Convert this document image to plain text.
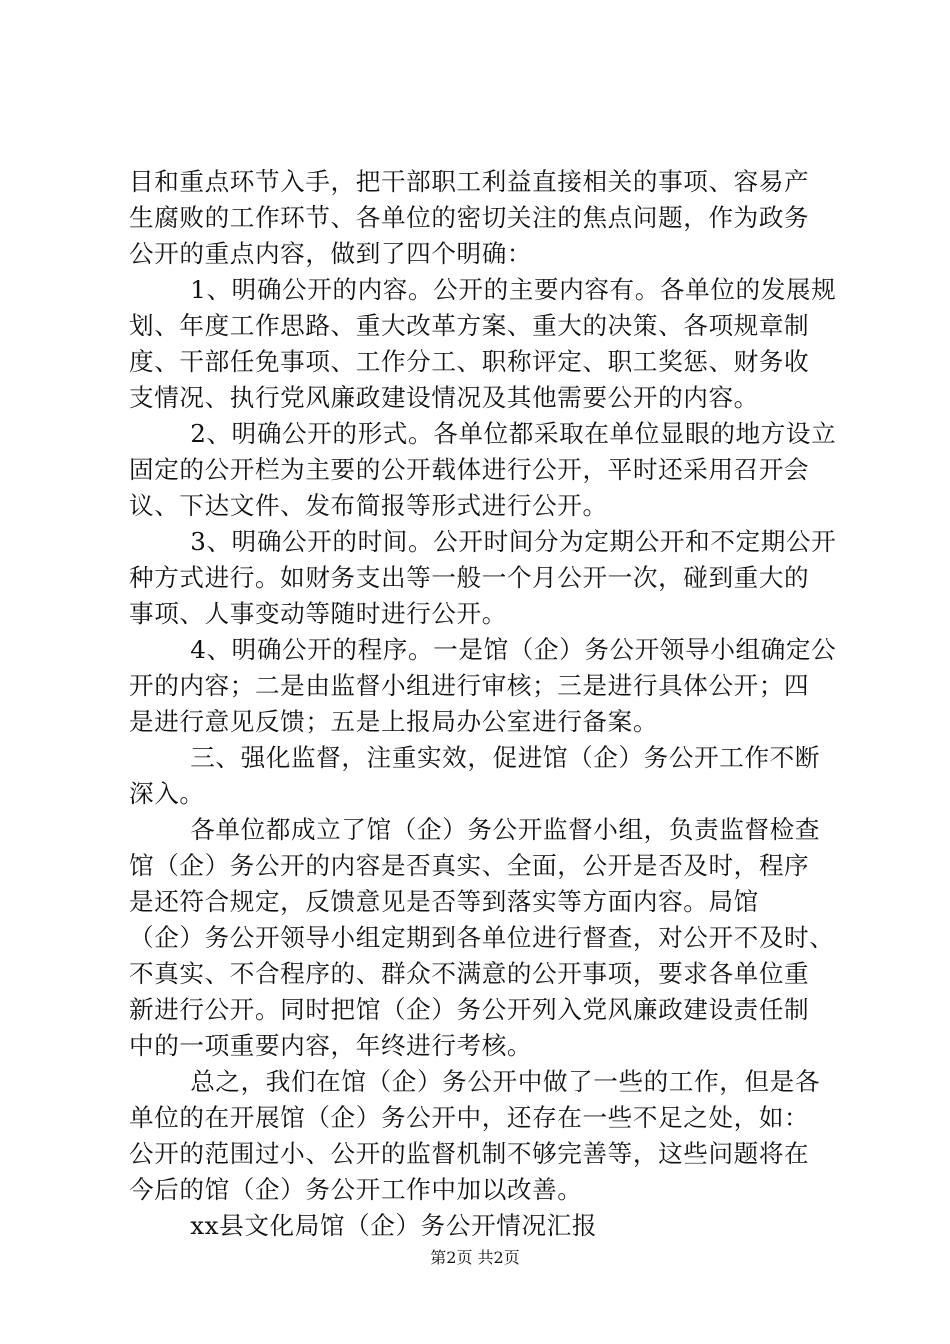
目和重点环节入手，把干部职工利益直接相关的事项、容易产
生腐败的工作环节、各单位的密切关注的焦点问题，作为政务
公开的重点内容，做到了四个明确：
　1、明确公开的内容。公开的主要内容有。各单位的发展规
划、年度工作思路、重大改革方案、重大的决策、各项规章制
度、干部任免事项、工作分工、职称评定、职工奖惩、财务收
支情况、执行党风廉政建设情况及其他需要公开的内容。
　2、明确公开的形式。各单位都采取在单位显眼的地方设立
固定的公开栏为主要的公开载体进行公开，平时还采用召开会
议、下达文件、发布简报等形式进行公开。
　3、明确公开的时间。公开时间分为定期公开和不定期公开
种方式进行。如财务支出等一般一个月公开一次，碰到重大的
事项、人事变动等随时进行公开。
　4、明确公开的程序。一是馆（企）务公开领导小组确定公
开的内容；二是由监督小组进行审核；三是进行具体公开；四
是进行意见反馈；五是上报局办公室进行备案。
　三、强化监督，注重实效，促进馆（企）务公开工作不断
深入。
　各单位都成立了馆（企）务公开监督小组，负责监督检查
馆（企）务公开的内容是否真实、全面，公开是否及时，程序
是还符合规定，反馈意见是否等到落实等方面内容。局馆
（企）务公开领导小组定期到各单位进行督查，对公开不及时、
不真实、不合程序的、群众不满意的公开事项，要求各单位重
新进行公开。同时把馆（企）务公开列入党风廉政建设责任制
中的一项重要内容，年终进行考核。
　总之，我们在馆（企）务公开中做了一些的工作，但是各
单位的在开展馆（企）务公开中，还存在一些不足之处，如：
公开的范围过小、公开的监督机制不够完善等，这些问题将在
今后的馆（企）务公开工作中加以改善。
　xx县文化局馆（企）务公开情况汇报
第2页 共2页
